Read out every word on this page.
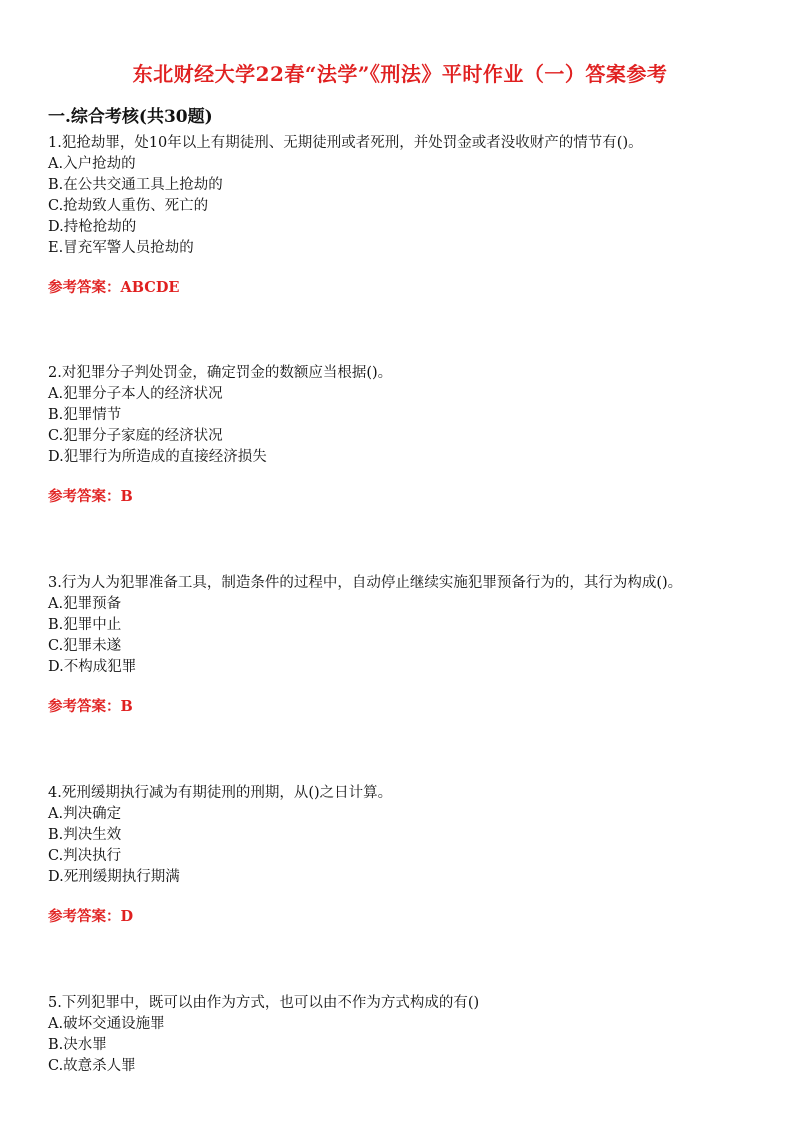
东北财经大学22春“法学”《刑法》平时作业（一）答案参考
一.综合考核(共30题)
1.犯抢劫罪，处10年以上有期徒刑、无期徒刑或者死刑，并处罚金或者没收财产的情节有()。
A.入户抢劫的
B.在公共交通工具上抢劫的
C.抢劫致人重伤、死亡的
D.持枪抢劫的
E.冒充军警人员抢劫的
参考答案：ABCDE
2.对犯罪分子判处罚金，确定罚金的数额应当根据()。
A.犯罪分子本人的经济状况
B.犯罪情节
C.犯罪分子家庭的经济状况
D.犯罪行为所造成的直接经济损失
参考答案：B
3.行为人为犯罪准备工具，制造条件的过程中，自动停止继续实施犯罪预备行为的，其行为构成()。
A.犯罪预备
B.犯罪中止
C.犯罪未遂
D.不构成犯罪
参考答案：B
4.死刑缓期执行减为有期徒刑的刑期，从()之日计算。
A.判决确定
B.判决生效
C.判决执行
D.死刑缓期执行期满
参考答案：D
5.下列犯罪中，既可以由作为方式，也可以由不作为方式构成的有()
A.破坏交通设施罪
B.决水罪
C.故意杀人罪
